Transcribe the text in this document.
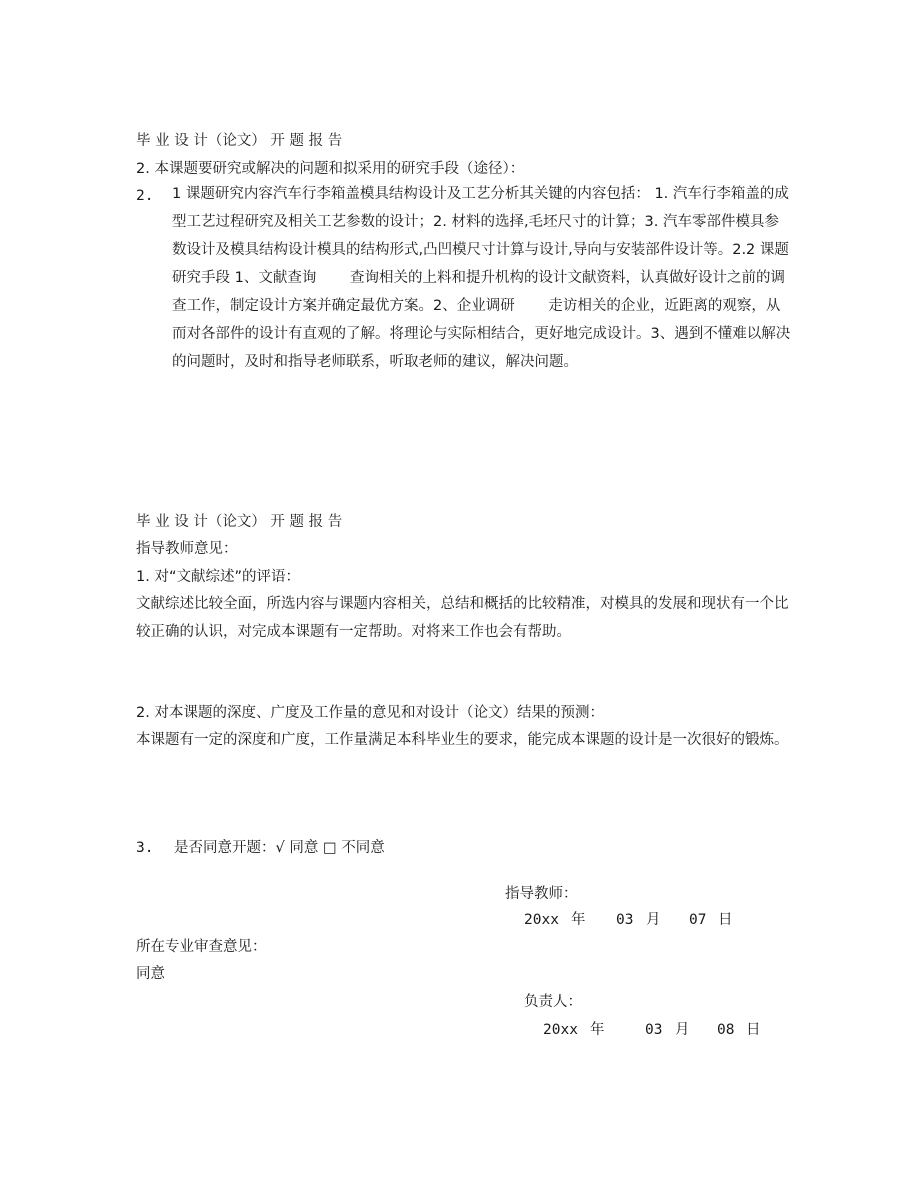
毕 业 设 计（论文） 开 题 报 告
2. 本课题要研究或解决的问题和拟采用的研究手段（途径）：
2. 1 课题研究内容汽车行李箱盖模具结构设计及工艺分析其关键的内容包括： 1. 汽车行李箱盖的成型工艺过程研究及相关工艺参数的设计；2. 材料的选择,毛坯尺寸的计算；3. 汽车零部件模具参数设计及模具结构设计模具的结构形式,凸凹模尺寸计算与设计,导向与安装部件设计等。2.2 课题研究手段 1、文献查询　　 查询相关的上料和提升机构的设计文献资料，认真做好设计之前的调查工作，制定设计方案并确定最优方案。2、企业调研　　 走访相关的企业，近距离的观察，从而对各部件的设计有直观的了解。将理论与实际相结合，更好地完成设计。3、遇到不懂难以解决的问题时，及时和指导老师联系，听取老师的建议，解决问题。
毕 业 设 计（论文） 开 题 报 告
指导教师意见：
1. 对“文献综述”的评语：
文献综述比较全面，所选内容与课题内容相关，总结和概括的比较精准，对模具的发展和现状有一个比较正确的认识，对完成本课题有一定帮助。对将来工作也会有帮助。
2. 对本课题的深度、广度及工作量的意见和对设计（论文）结果的预测：
本课题有一定的深度和广度，工作量满足本科毕业生的要求，能完成本课题的设计是一次很好的锻炼。
3. 是否同意开题：√ 同意 □ 不同意
指导教师：
20xx 年 03 月 07 日
所在专业审查意见：
同意
负责人：
20xx 年	03 月 08 日
